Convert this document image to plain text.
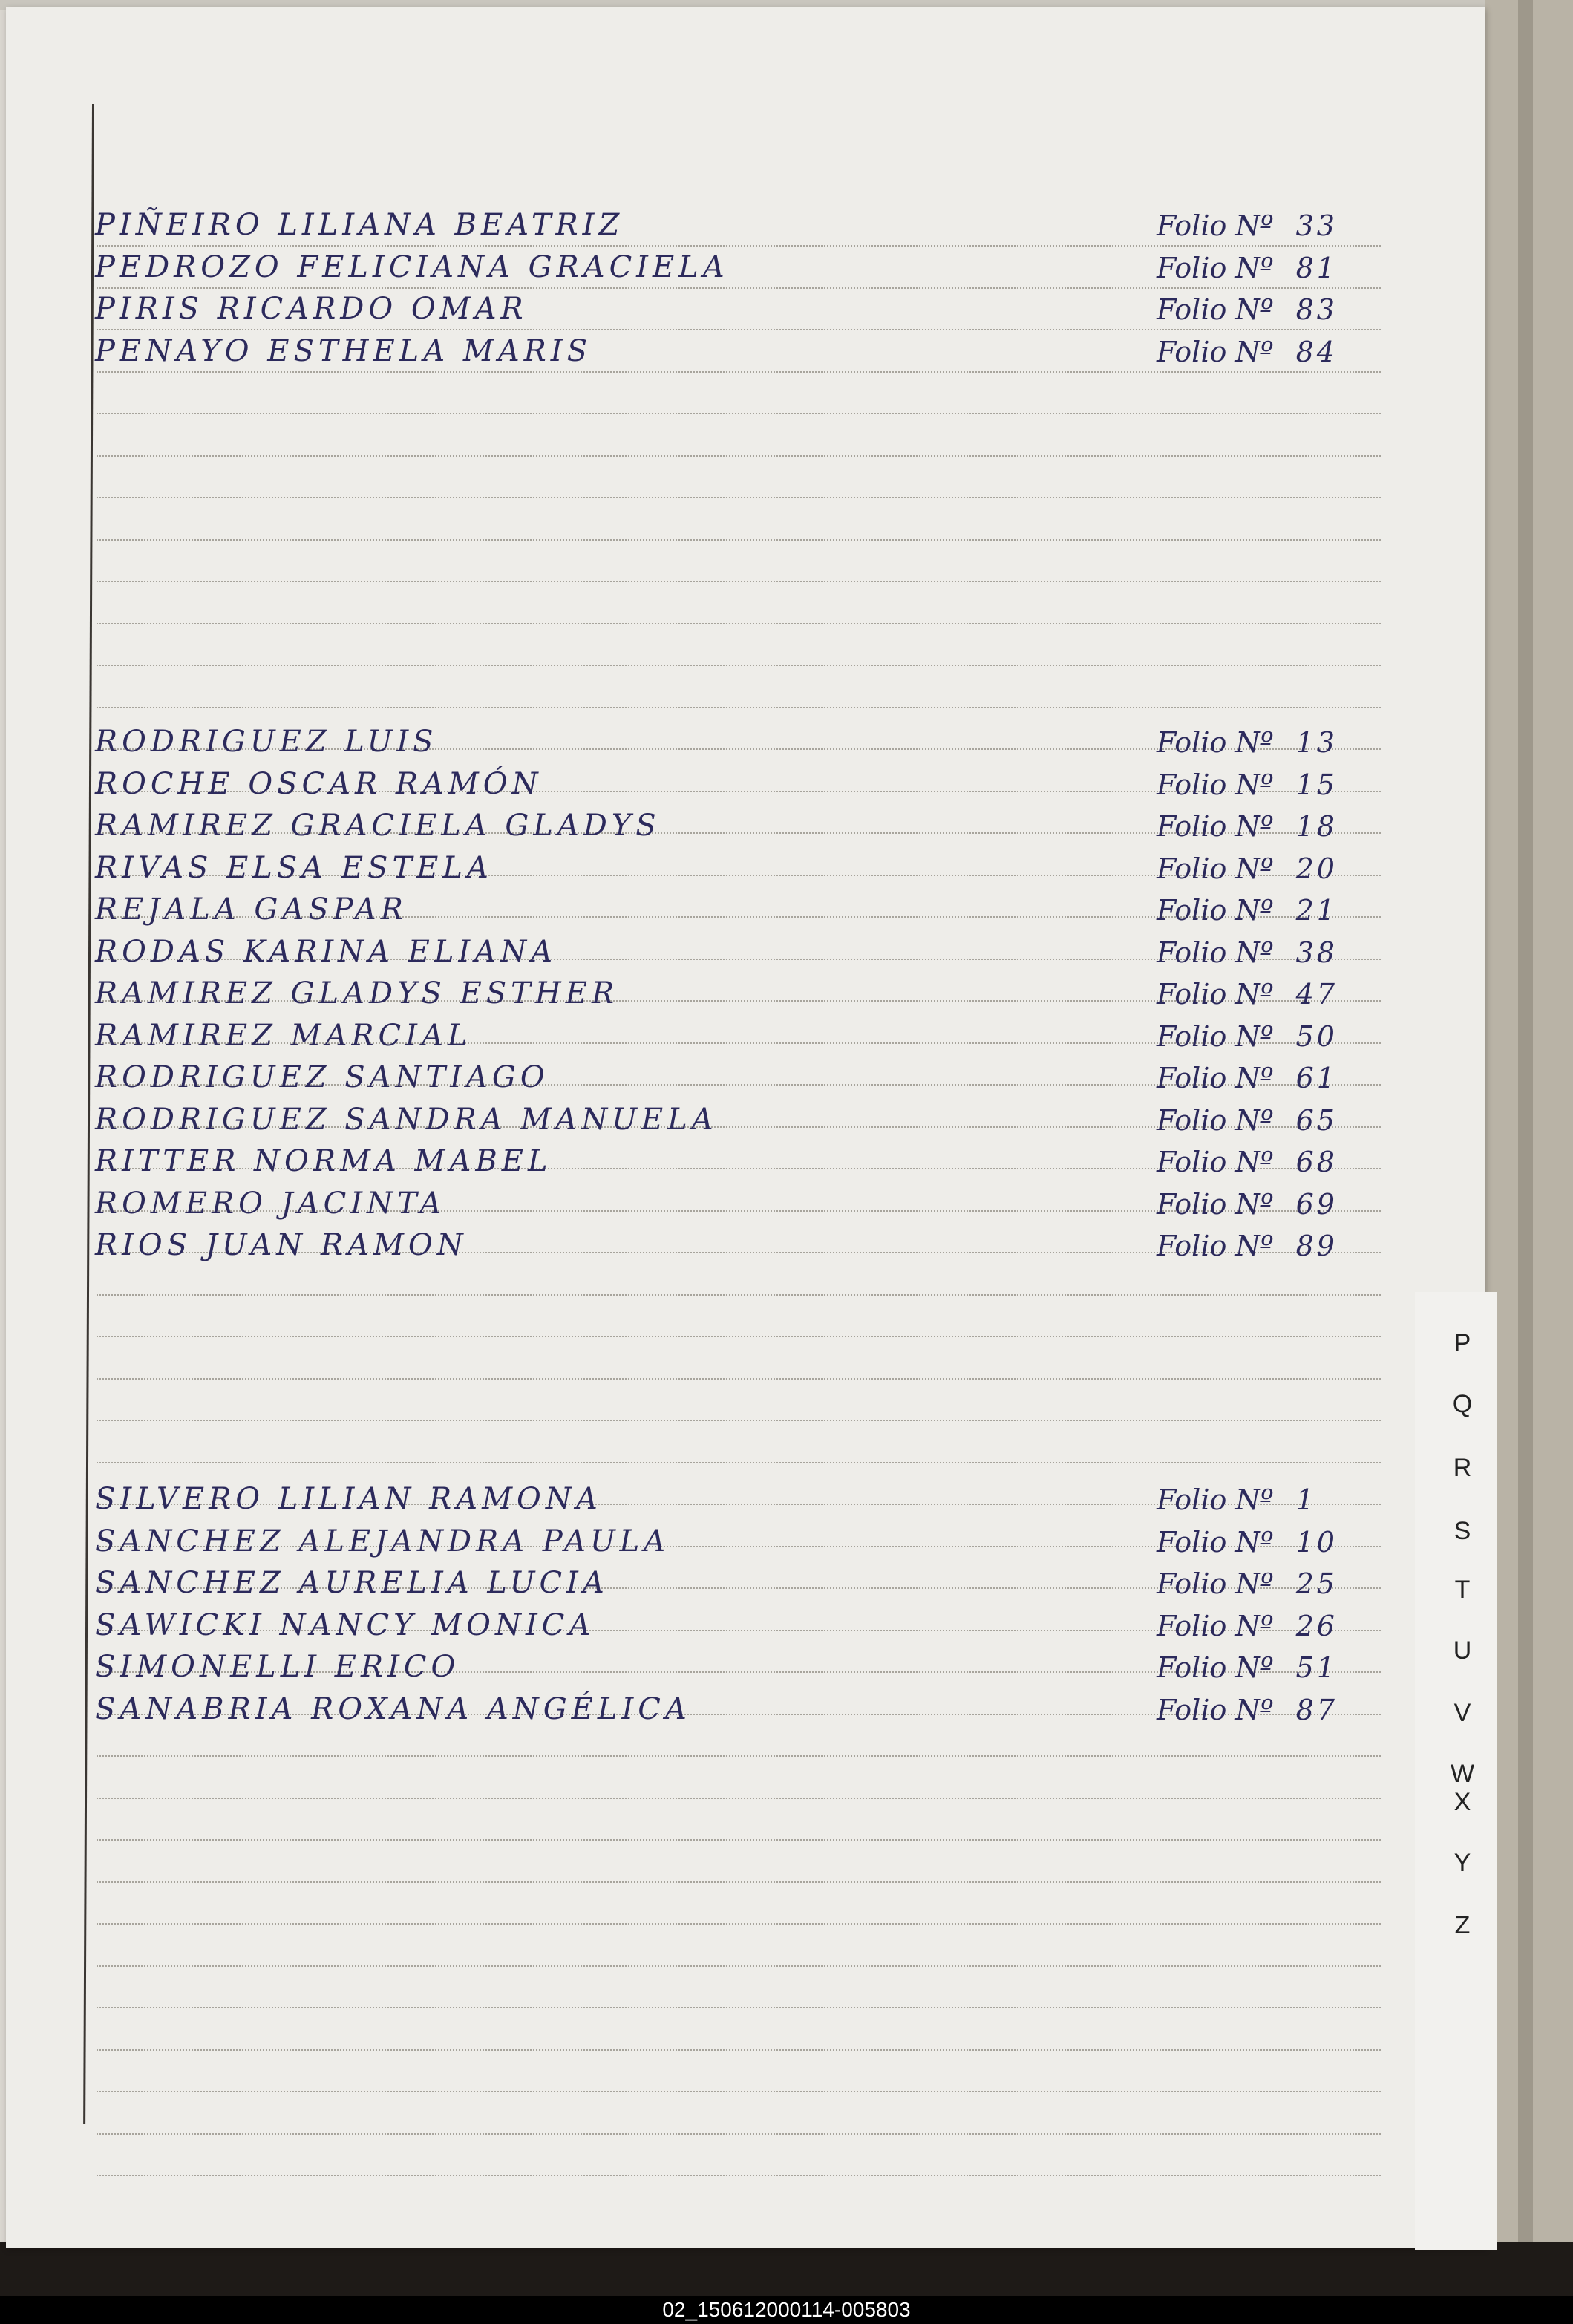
PIÑEIRO LILIANA BEATRIZ	Folio Nº 33
PEDROZO FELICIANA GRACIELA	Folio Nº 81
PIRIS RICARDO OMAR	Folio Nº 83
PENAYO ESTHELA MARIS	Folio Nº 84
RODRIGUEZ LUIS	Folio Nº 13
ROCHE OSCAR RAMÓN	Folio Nº 15
RAMIREZ GRACIELA GLADYS	Folio Nº 18
RIVAS ELSA ESTELA	Folio Nº 20
REJALA GASPAR	Folio Nº 21
RODAS KARINA ELIANA	Folio Nº 38
RAMIREZ GLADYS ESTHER	Folio Nº 47
RAMIREZ MARCIAL	Folio Nº 50
RODRIGUEZ SANTIAGO	Folio Nº 61
RODRIGUEZ SANDRA MANUELA	Folio Nº 65
RITTER NORMA MABEL	Folio Nº 68
ROMERO JACINTA	Folio Nº 69
RIOS JUAN RAMON	Folio Nº 89
SILVERO LILIAN RAMONA	Folio Nº 1
SANCHEZ ALEJANDRA PAULA	Folio Nº 10
SANCHEZ AURELIA LUCIA	Folio Nº 25
SAWICKI NANCY MONICA	Folio Nº 26
SIMONELLI ERICO	Folio Nº 51
SANABRIA ROXANA ANGÉLICA	Folio Nº 87
P
Q
R
S
T
U
V
W
X
Y
Z
02_150612000114-005803
